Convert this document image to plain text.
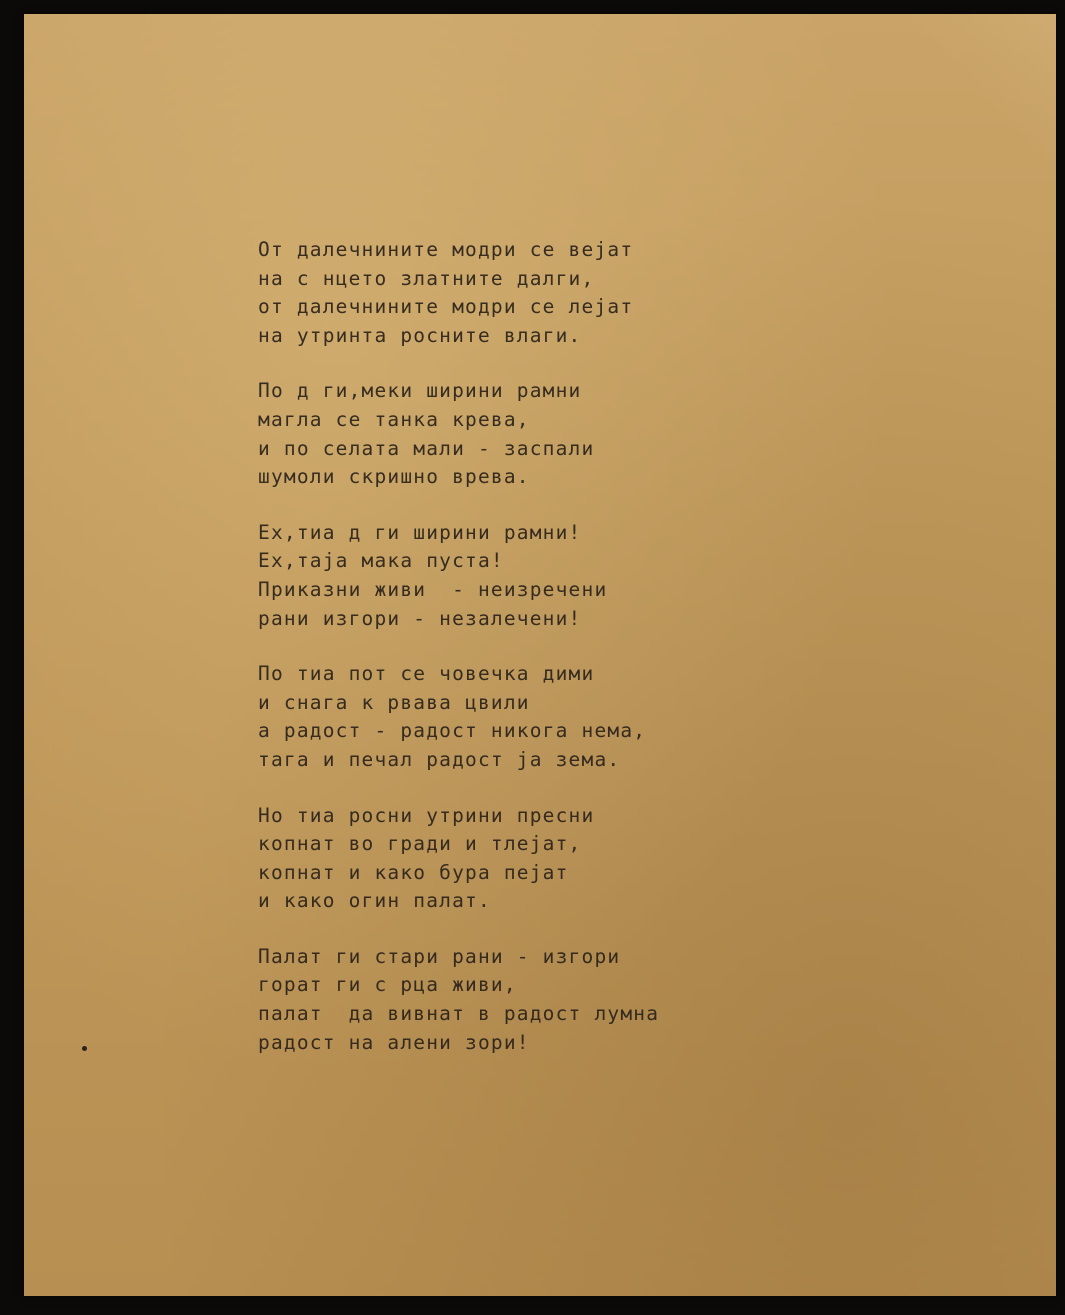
От далечнините модри се вејат
на с нцето златните далги,
от далечнините модри се лејат
на утринта росните влаги.
По д ги,меки ширини рамни
магла се танка крева,
и по селата мали - заспали
шумоли скришно врева.
Ех,тиа д ги ширини рамни!
Ех,тaја мака пуста!
Приказни живи  - неизречени
рани изгори - незалечени!
По тиа пот се човечка дими
и снага к рвава цвили
а радост - радост никогa нема,
тага и печал радост ја зема.
Но тиа росни утрини пресни
копнат во гради и тлејат,
копнат и како бура пејат
и како огин палат.
Палат ги стари рани - изгори
горат ги с рца живи,
палат  да вивнат в радост лумна
радост на алени зори!
